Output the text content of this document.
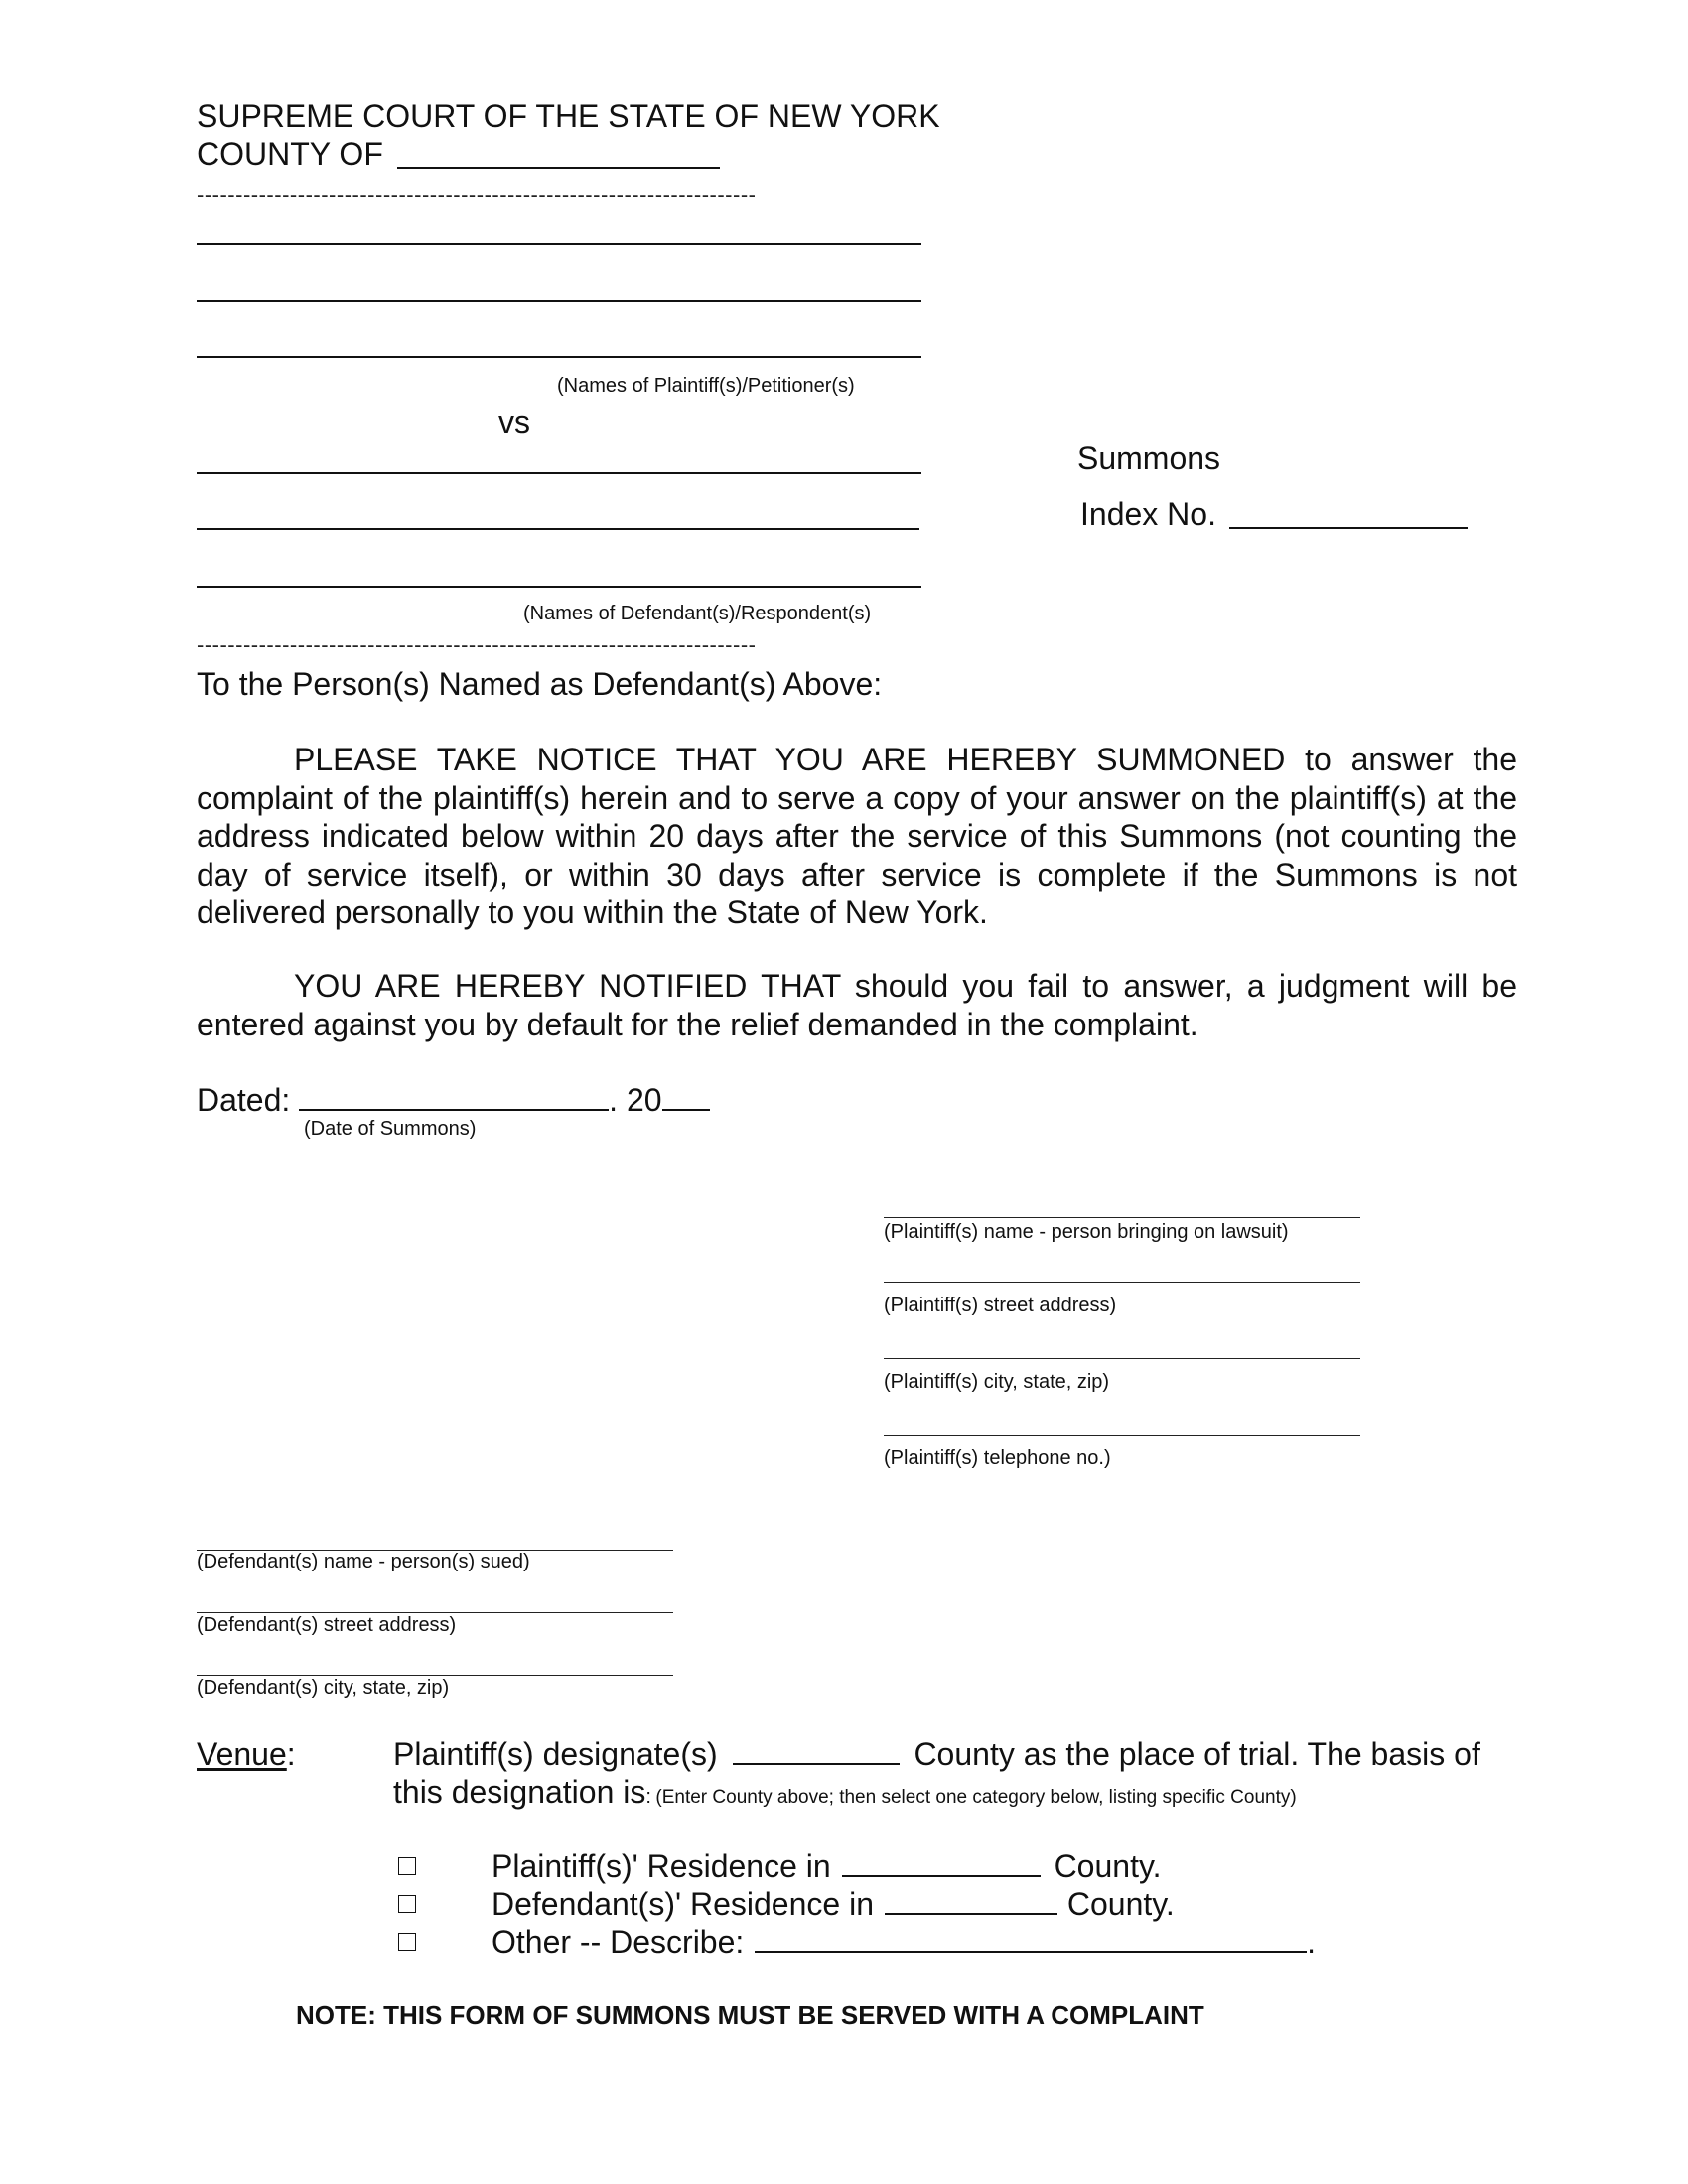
SUPREME COURT OF THE STATE OF NEW YORK
COUNTY OF
------------------------------------------------------------------------
(Names of Plaintiff(s)/Petitioner(s)
vs
(Names of Defendant(s)/Respondent(s)
------------------------------------------------------------------------
Summons
Index No.
To the Person(s) Named as Defendant(s) Above:
PLEASE TAKE NOTICE THAT YOU ARE HEREBY SUMMONED to answer the complaint of the plaintiff(s) herein and to serve a copy of your answer on the plaintiff(s) at the address indicated below within 20 days after the service of this Summons (not counting the day of service itself), or within 30 days after service is complete if the Summons is not delivered personally to you within the State of New York.
YOU ARE HEREBY NOTIFIED THAT should you fail to answer, a judgment will be entered against you by default for the relief demanded in the complaint.
Dated:	. 20
(Date of Summons)
(Plaintiff(s) name - person bringing on lawsuit)
(Plaintiff(s) street address)
(Plaintiff(s) city, state, zip)
(Plaintiff(s) telephone no.)
(Defendant(s) name - person(s) sued)
(Defendant(s) street address)
(Defendant(s) city, state, zip)
Venue:	Plaintiff(s) designate(s)	County as the place of trial. The basis of
this designation is: (Enter County above; then select one category below, listing specific County)
Plaintiff(s)' Residence in	County.
Defendant(s)' Residence in	County.
Other -- Describe:	.
NOTE: THIS FORM OF SUMMONS MUST BE SERVED WITH A COMPLAINT
